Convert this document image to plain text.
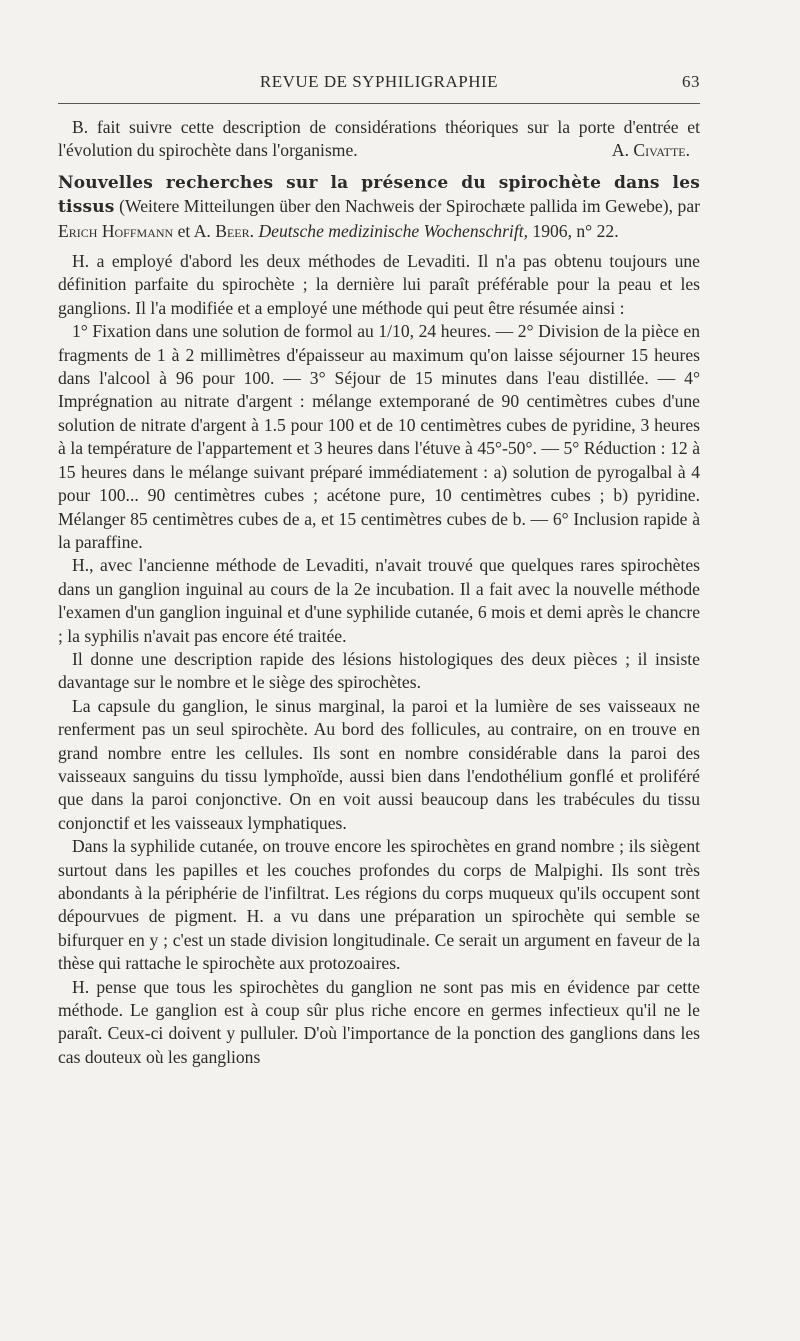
REVUE DE SYPHILIGRAPHIE	63

B. fait suivre cette description de considérations théoriques sur la porte d'entrée et l'évolution du spirochète dans l'organisme.	A. Civatte.

Nouvelles recherches sur la présence du spirochète dans les tissus (Weitere Mitteilungen über den Nachweis der Spirochæte pallida im Gewebe), par Erich Hoffmann et A. Beer. Deutsche medizinische Wochenschrift, 1906, n° 22.

H. a employé d'abord les deux méthodes de Levaditi. Il n'a pas obtenu toujours une définition parfaite du spirochète ; la dernière lui paraît préférable pour la peau et les ganglions. Il l'a modifiée et a employé une méthode qui peut être résumée ainsi :

1° Fixation dans une solution de formol au 1/10, 24 heures. — 2° Division de la pièce en fragments de 1 à 2 millimètres d'épaisseur au maximum qu'on laisse séjourner 15 heures dans l'alcool à 96 pour 100. — 3° Séjour de 15 minutes dans l'eau distillée. — 4° Imprégnation au nitrate d'argent : mélange extemporané de 90 centimètres cubes d'une solution de nitrate d'argent à 1.5 pour 100 et de 10 centimètres cubes de pyridine, 3 heures à la température de l'appartement et 3 heures dans l'étuve à 45°-50°. — 5° Réduction : 12 à 15 heures dans le mélange suivant préparé immédiatement : a) solution de pyrogalbal à 4 pour 100... 90 centimètres cubes ; acétone pure, 10 centimètres cubes ; b) pyridine. Mélanger 85 centimètres cubes de a, et 15 centimètres cubes de b. — 6° Inclusion rapide à la paraffine.

H., avec l'ancienne méthode de Levaditi, n'avait trouvé que quelques rares spirochètes dans un ganglion inguinal au cours de la 2e incubation. Il a fait avec la nouvelle méthode l'examen d'un ganglion inguinal et d'une syphilide cutanée, 6 mois et demi après le chancre ; la syphilis n'avait pas encore été traitée.

Il donne une description rapide des lésions histologiques des deux pièces ; il insiste davantage sur le nombre et le siège des spirochètes.

La capsule du ganglion, le sinus marginal, la paroi et la lumière de ses vaisseaux ne renferment pas un seul spirochète. Au bord des follicules, au contraire, on en trouve en grand nombre entre les cellules. Ils sont en nombre considérable dans la paroi des vaisseaux sanguins du tissu lymphoïde, aussi bien dans l'endothélium gonflé et proliféré que dans la paroi conjonctive. On en voit aussi beaucoup dans les trabécules du tissu conjonctif et les vaisseaux lymphatiques.

Dans la syphilide cutanée, on trouve encore les spirochètes en grand nombre ; ils siègent surtout dans les papilles et les couches profondes du corps de Malpighi. Ils sont très abondants à la périphérie de l'infiltrat. Les régions du corps muqueux qu'ils occupent sont dépourvues de pigment. H. a vu dans une préparation un spirochète qui semble se bifurquer en y ; c'est un stade division longitudinale. Ce serait un argument en faveur de la thèse qui rattache le spirochète aux protozoaires.

H. pense que tous les spirochètes du ganglion ne sont pas mis en évidence par cette méthode. Le ganglion est à coup sûr plus riche encore en germes infectieux qu'il ne le paraît. Ceux-ci doivent y pulluler. D'où l'importance de la ponction des ganglions dans les cas douteux où les ganglions
